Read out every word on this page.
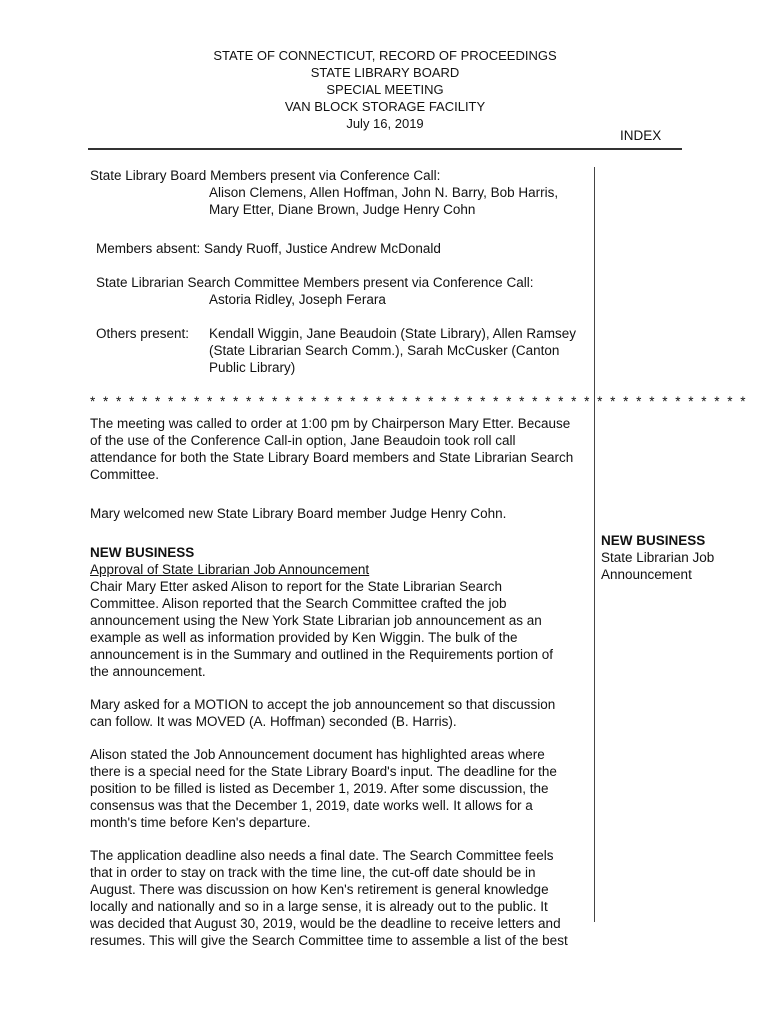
STATE OF CONNECTICUT, RECORD OF PROCEEDINGS
STATE LIBRARY BOARD
SPECIAL MEETING
VAN BLOCK STORAGE FACILITY
July 16, 2019
INDEX

State Library Board Members present via Conference Call:

Alison Clemens, Allen Hoffman, John N. Barry, Bob Harris,
Mary Etter, Diane Brown, Judge Henry Cohn

Members absent: Sandy Ruoff, Justice Andrew McDonald

State Librarian Search Committee Members present via Conference Call:

Astoria Ridley, Joseph Ferara

Others present:	Kendall Wiggin, Jane Beaudoin (State Library), Allen Ramsey
(State Librarian Search Comm.), Sarah McCusker (Canton
Public Library)

* * * * * * * * * * * * * * * * * * * * * * * * * * * * * * * * * * * * * * * * * * * * * * * * * * *

The meeting was called to order at 1:00 pm by Chairperson Mary Etter. Because
of the use of the Conference Call-in option, Jane Beaudoin took roll call
attendance for both the State Library Board members and State Librarian Search
Committee.

Mary welcomed new State Library Board member Judge Henry Cohn.

NEW BUSINESS

Approval of State Librarian Job Announcement

Chair Mary Etter asked Alison to report for the State Librarian Search
Committee. Alison reported that the Search Committee crafted the job
announcement using the New York State Librarian job announcement as an
example as well as information provided by Ken Wiggin. The bulk of the
announcement is in the Summary and outlined in the Requirements portion of
the announcement.

Mary asked for a MOTION to accept the job announcement so that discussion
can follow. It was MOVED (A. Hoffman) seconded (B. Harris).

Alison stated the Job Announcement document has highlighted areas where
there is a special need for the State Library Board's input. The deadline for the
position to be filled is listed as December 1, 2019. After some discussion, the
consensus was that the December 1, 2019, date works well. It allows for a
month's time before Ken's departure.

The application deadline also needs a final date. The Search Committee feels
that in order to stay on track with the time line, the cut-off date should be in
August. There was discussion on how Ken's retirement is general knowledge
locally and nationally and so in a large sense, it is already out to the public. It
was decided that August 30, 2019, would be the deadline to receive letters and
resumes. This will give the Search Committee time to assemble a list of the best

NEW BUSINESS
State Librarian Job
Announcement
